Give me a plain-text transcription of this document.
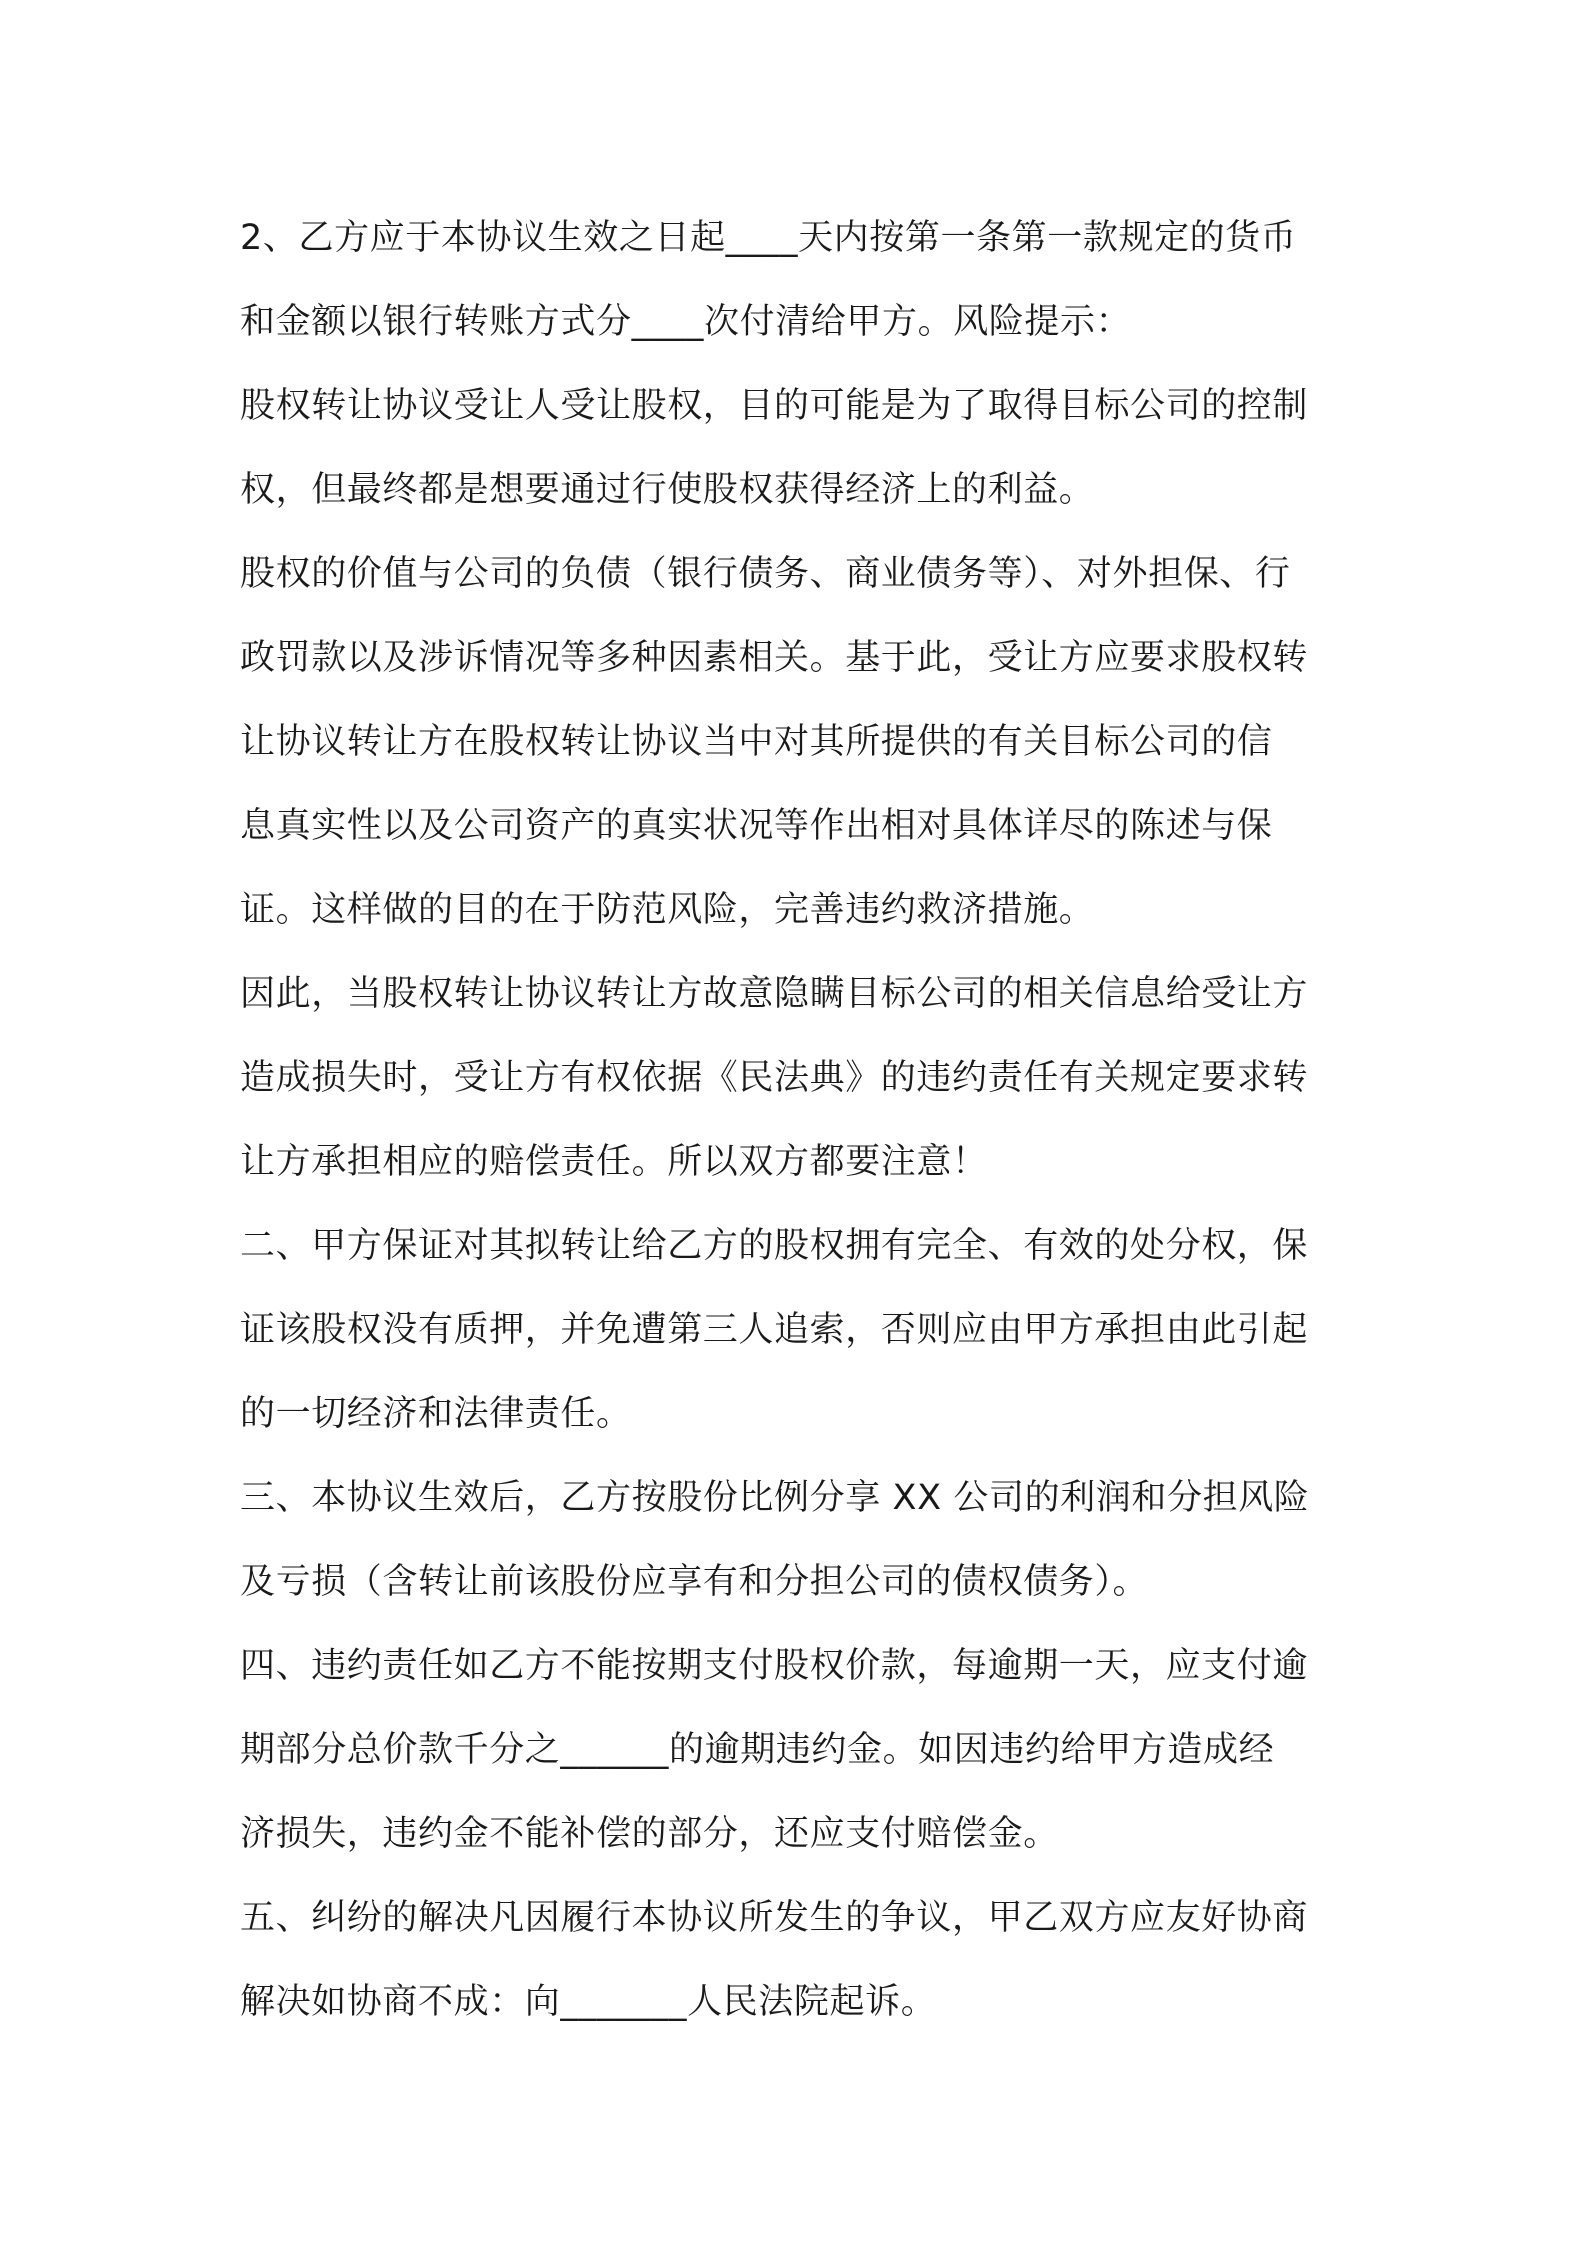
2、乙方应于本协议生效之日起____天内按第一条第一款规定的货币
和金额以银行转账方式分____次付清给甲方。风险提示：
股权转让协议受让人受让股权，目的可能是为了取得目标公司的控制
权，但最终都是想要通过行使股权获得经济上的利益。
股权的价值与公司的负债（银行债务、商业债务等）、对外担保、行
政罚款以及涉诉情况等多种因素相关。基于此，受让方应要求股权转
让协议转让方在股权转让协议当中对其所提供的有关目标公司的信
息真实性以及公司资产的真实状况等作出相对具体详尽的陈述与保
证。这样做的目的在于防范风险，完善违约救济措施。
因此，当股权转让协议转让方故意隐瞒目标公司的相关信息给受让方
造成损失时，受让方有权依据《民法典》的违约责任有关规定要求转
让方承担相应的赔偿责任。所以双方都要注意！
二、甲方保证对其拟转让给乙方的股权拥有完全、有效的处分权，保
证该股权没有质押，并免遭第三人追索，否则应由甲方承担由此引起
的一切经济和法律责任。
三、本协议生效后，乙方按股份比例分享 XX 公司的利润和分担风险
及亏损（含转让前该股份应享有和分担公司的债权债务）。
四、违约责任如乙方不能按期支付股权价款，每逾期一天，应支付逾
期部分总价款千分之______的逾期违约金。如因违约给甲方造成经
济损失，违约金不能补偿的部分，还应支付赔偿金。
五、纠纷的解决凡因履行本协议所发生的争议，甲乙双方应友好协商
解决如协商不成：向_______人民法院起诉。
